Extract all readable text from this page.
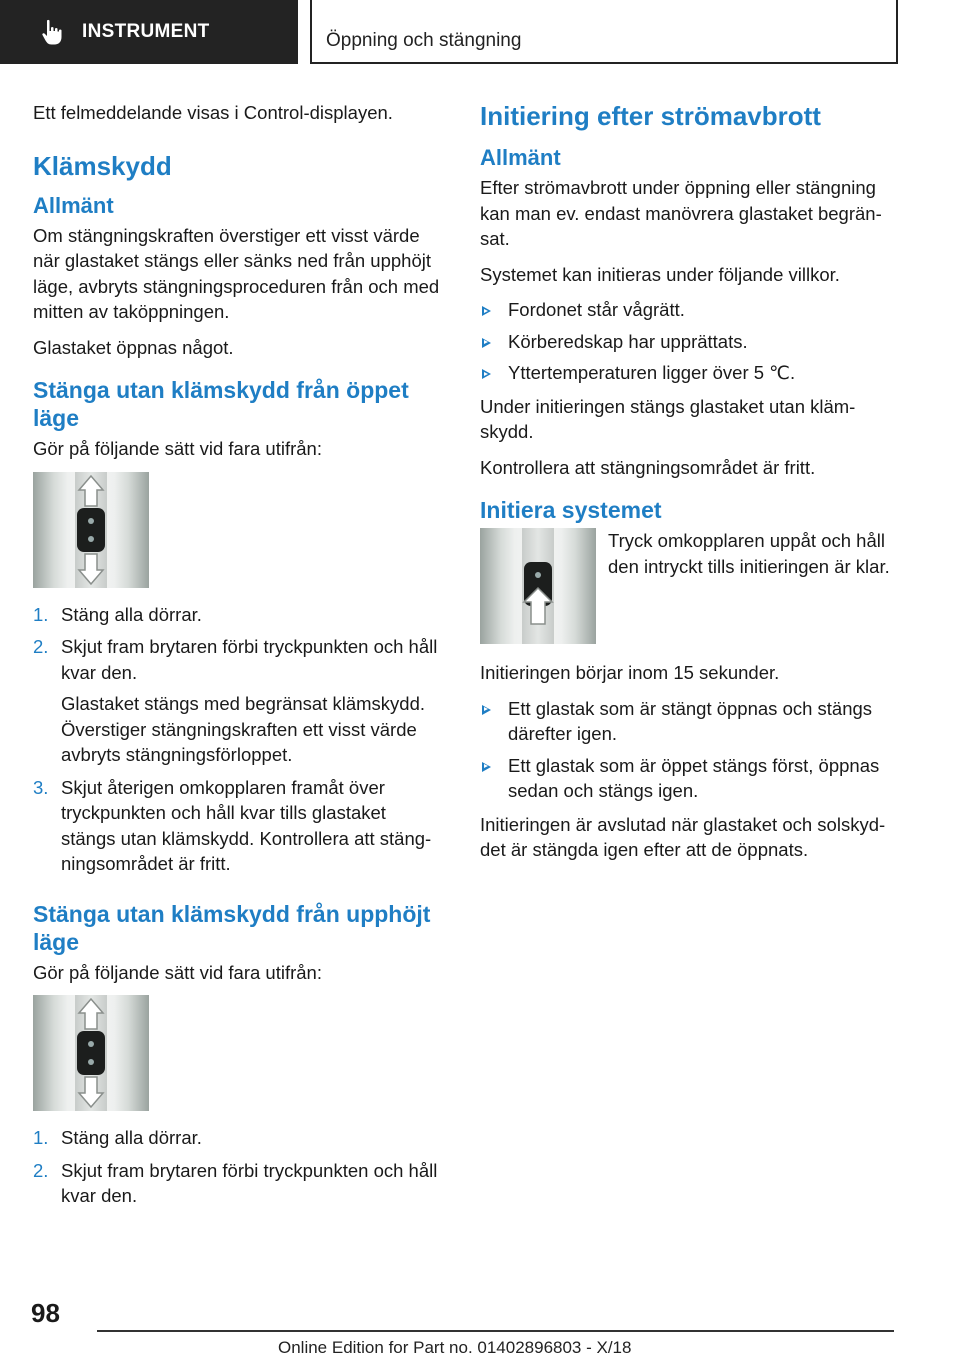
INSTRUMENT	Öppning och stängning

Ett felmeddelande visas i Control-displayen.

Klämskydd
Allmänt

Om stängningskraften överstiger ett visst värde när glastaket stängs eller sänks ned från upphöjt läge, avbryts stängningsproceduren från och med mitten av taköppningen.

Glastaket öppnas något.

Stänga utan klämskydd från öppet läge

Gör på följande sätt vid fara utifrån:

1. Stäng alla dörrar.
2. Skjut fram brytaren förbi tryckpunkten och håll kvar den.
Glastaket stängs med begränsat klämskydd. Överstiger stängningskraften ett visst värde avbryts stängningsförloppet.
3. Skjut återigen omkopplaren framåt över tryckpunkten och håll kvar tills glastaket stängs utan klämskydd. Kontrollera att stäng‐ningsområdet är fritt.
Stänga utan klämskydd från upphöjt läge

Gör på följande sätt vid fara utifrån:

1. Stäng alla dörrar.
2. Skjut fram brytaren förbi tryckpunkten och håll kvar den.
Initiering efter strömavbrott
Allmänt

Efter strömavbrott under öppning eller stängning kan man ev. endast manövrera glastaket begrän‐sat.

Systemet kan initieras under följande villkor.

Fordonet står vågrätt.
Körberedskap har upprättats.
Yttertemperaturen ligger över 5 ℃.

Under initieringen stängs glastaket utan kläm‐skydd.

Kontrollera att stängningsområdet är fritt.

Initiera systemet

Tryck omkopplaren uppåt och håll den intryckt tills initieringen är klar.

Initieringen börjar inom 15 sekunder.

Ett glastak som är stängt öppnas och stängs därefter igen.
Ett glastak som är öppet stängs först, öppnas sedan och stängs igen.

Initieringen är avslutad när glastaket och solskyd‐det är stängda igen efter att de öppnats.

98
Online Edition for Part no. 01402896803 - X/18
